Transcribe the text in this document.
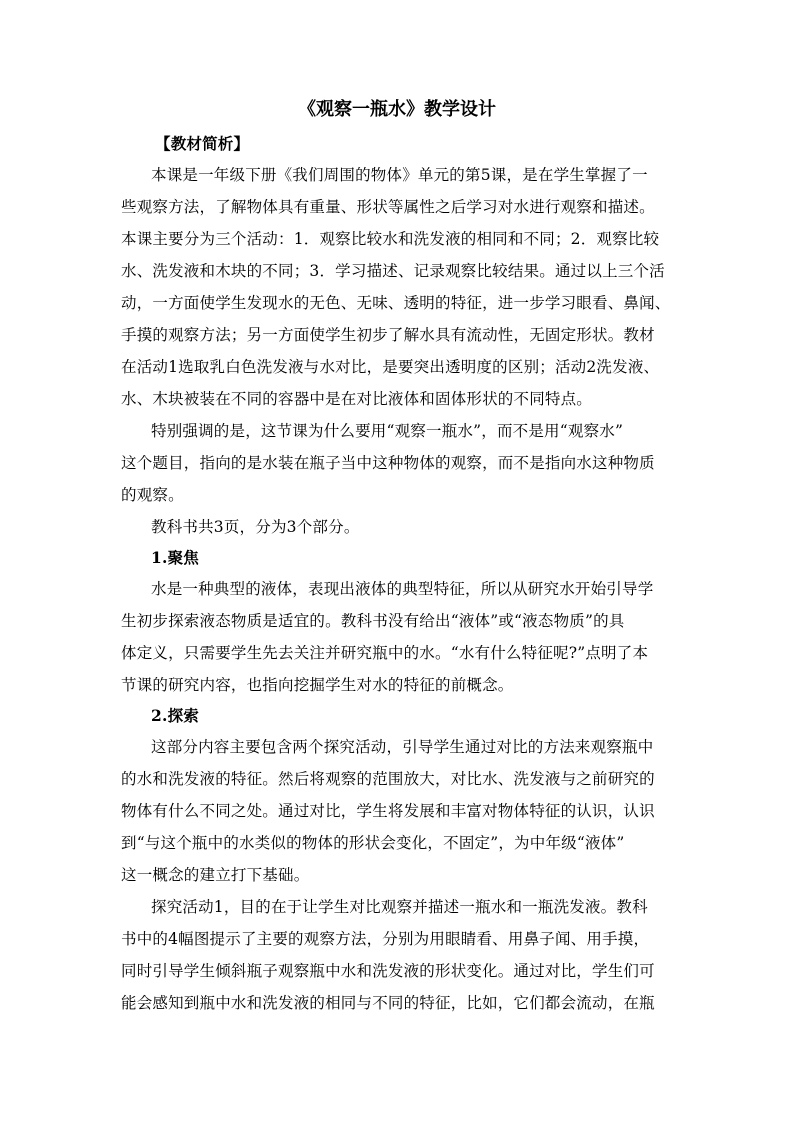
《观察一瓶水》教学设计
【教材简析】
本课是一年级下册《我们周围的物体》单元的第5课，是在学生掌握了一
些观察方法，了解物体具有重量、形状等属性之后学习对水进行观察和描述。
本课主要分为三个活动：1．观察比较水和洗发液的相同和不同；2．观察比较
水、洗发液和木块的不同；3．学习描述、记录观察比较结果。通过以上三个活
动，一方面使学生发现水的无色、无味、透明的特征，进一步学习眼看、鼻闻、
手摸的观察方法；另一方面使学生初步了解水具有流动性，无固定形状。教材
在活动1选取乳白色洗发液与水对比，是要突出透明度的区别；活动2洗发液、
水、木块被装在不同的容器中是在对比液体和固体形状的不同特点。
特别强调的是，这节课为什么要用“观察一瓶水”，而不是用“观察水”
这个题目，指向的是水装在瓶子当中这种物体的观察，而不是指向水这种物质
的观察。
教科书共3页，分为3个部分。
1.聚焦
水是一种典型的液体，表现出液体的典型特征，所以从研究水开始引导学
生初步探索液态物质是适宜的。教科书没有给出“液体”或“液态物质”的具
体定义，只需要学生先去关注并研究瓶中的水。“水有什么特征呢?”点明了本
节课的研究内容，也指向挖掘学生对水的特征的前概念。
2.探索
这部分内容主要包含两个探究活动，引导学生通过对比的方法来观察瓶中
的水和洗发液的特征。然后将观察的范围放大，对比水、洗发液与之前研究的
物体有什么不同之处。通过对比，学生将发展和丰富对物体特征的认识，认识
到“与这个瓶中的水类似的物体的形状会变化，不固定”，为中年级“液体”
这一概念的建立打下基础。
探究活动1，目的在于让学生对比观察并描述一瓶水和一瓶洗发液。教科
书中的4幅图提示了主要的观察方法，分别为用眼睛看、用鼻子闻、用手摸，
同时引导学生倾斜瓶子观察瓶中水和洗发液的形状变化。通过对比，学生们可
能会感知到瓶中水和洗发液的相同与不同的特征，比如，它们都会流动，在瓶
